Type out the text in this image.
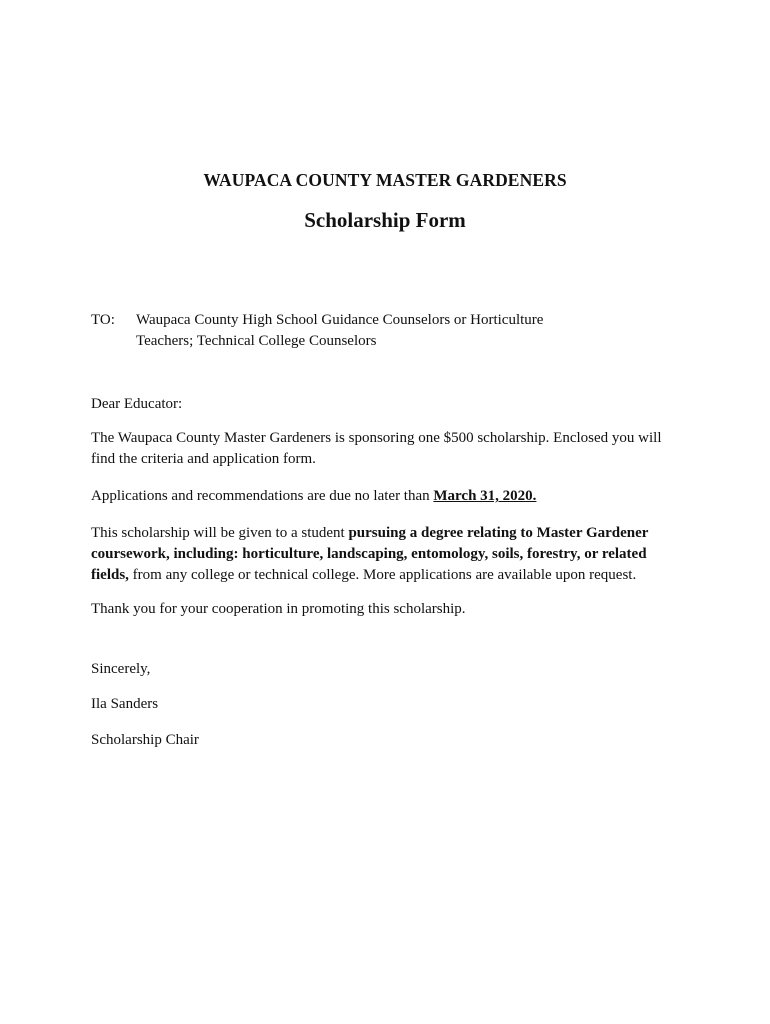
WAUPACA COUNTY MASTER GARDENERS
Scholarship Form
TO: Waupaca County High School Guidance Counselors or Horticulture
Teachers; Technical College Counselors

Dear Educator:

The Waupaca County Master Gardeners is sponsoring one $500 scholarship. Enclosed you will find the criteria and application form.

Applications and recommendations are due no later than March 31, 2020.

This scholarship will be given to a student pursuing a degree relating to Master Gardener coursework, including: horticulture, landscaping, entomology, soils, forestry, or related fields, from any college or technical college. More applications are available upon request.

Thank you for your cooperation in promoting this scholarship.

Sincerely,

Ila Sanders

Scholarship Chair
